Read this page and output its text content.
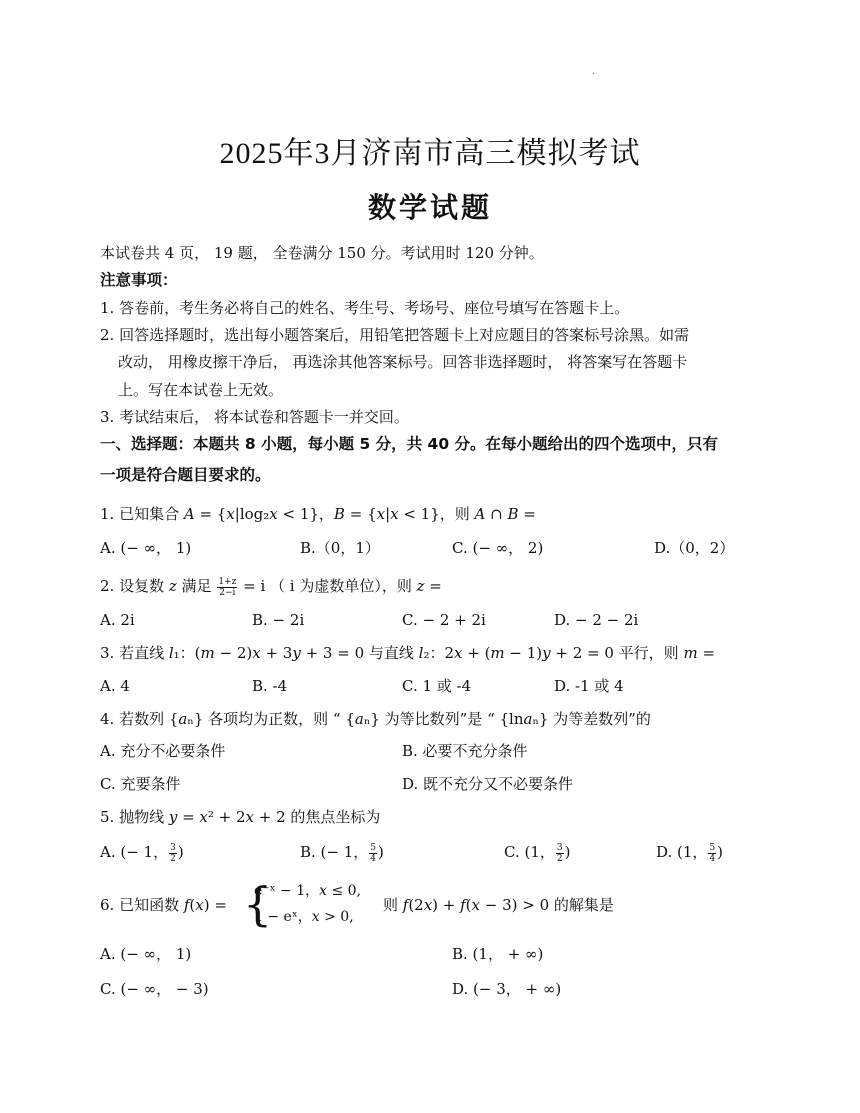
.
2025年3月济南市高三模拟考试
数学试题
本试卷共 4 页， 19 题， 全卷满分 150 分。考试用时 120 分钟。
注意事项：
1. 答卷前，考生务必将自己的姓名、考生号、考场号、座位号填写在答题卡上。
2. 回答选择题时，选出每小题答案后，用铅笔把答题卡上对应题目的答案标号涂黑。如需
改动， 用橡皮擦干净后， 再选涂其他答案标号。回答非选择题时， 将答案写在答题卡
上。写在本试卷上无效。
3. 考试结束后， 将本试卷和答题卡一并交回。
一、选择题：本题共 8 小题，每小题 5 分，共 40 分。在每小题给出的四个选项中，只有
一项是符合题目要求的。
1. 已知集合 𝐴 = {𝑥|log₂𝑥 < 1}，𝐵 = {𝑥|𝑥 < 1}，则 𝐴 ∩ 𝐵 =
A. (− ∞， 1)	B.（0，1）	C. (− ∞， 2)	D.（0，2）
2. 设复数 𝑧 满足 $\frac{1+z}{2-i} = i$ （ i 为虚数单位），则 𝑧 =
A. 2i	B. − 2i	C. − 2 + 2i	D. − 2 − 2i
3. 若直线 𝑙₁：(𝑚 − 2)𝑥 + 3𝑦 + 3 = 0 与直线 𝑙₂：2𝑥 + (𝑚 − 1)𝑦 + 2 = 0 平行，则 𝑚 =
A. 4	B. -4	C. 1 或 -4	D. -1 或 4
4. 若数列 {𝑎ₙ} 各项均为正数，则 “ {𝑎ₙ} 为等比数列”是 “ {ln𝑎ₙ} 为等差数列”的
A. 充分不必要条件	B. 必要不充分条件
C. 充要条件	D. 既不充分又不必要条件
5. 抛物线 𝑦 = 𝑥² + 2𝑥 + 2 的焦点坐标为
A. (− 1， $\frac{3}{2}$ )	B. (− 1， $\frac{5}{4}$ )	C. (1， $\frac{3}{2}$ )	D. (1， $\frac{5}{4}$ )
6. 已知函数 𝑓(𝑥) = {
e⁻ˣ − 1，𝑥 ≤ 0,
1 − eˣ，𝑥 > 0,
则 𝑓(2𝑥) + 𝑓(𝑥 − 3) > 0 的解集是
A. (− ∞， 1)	B. (1， + ∞)
C. (− ∞， − 3)	D. (− 3， + ∞)
